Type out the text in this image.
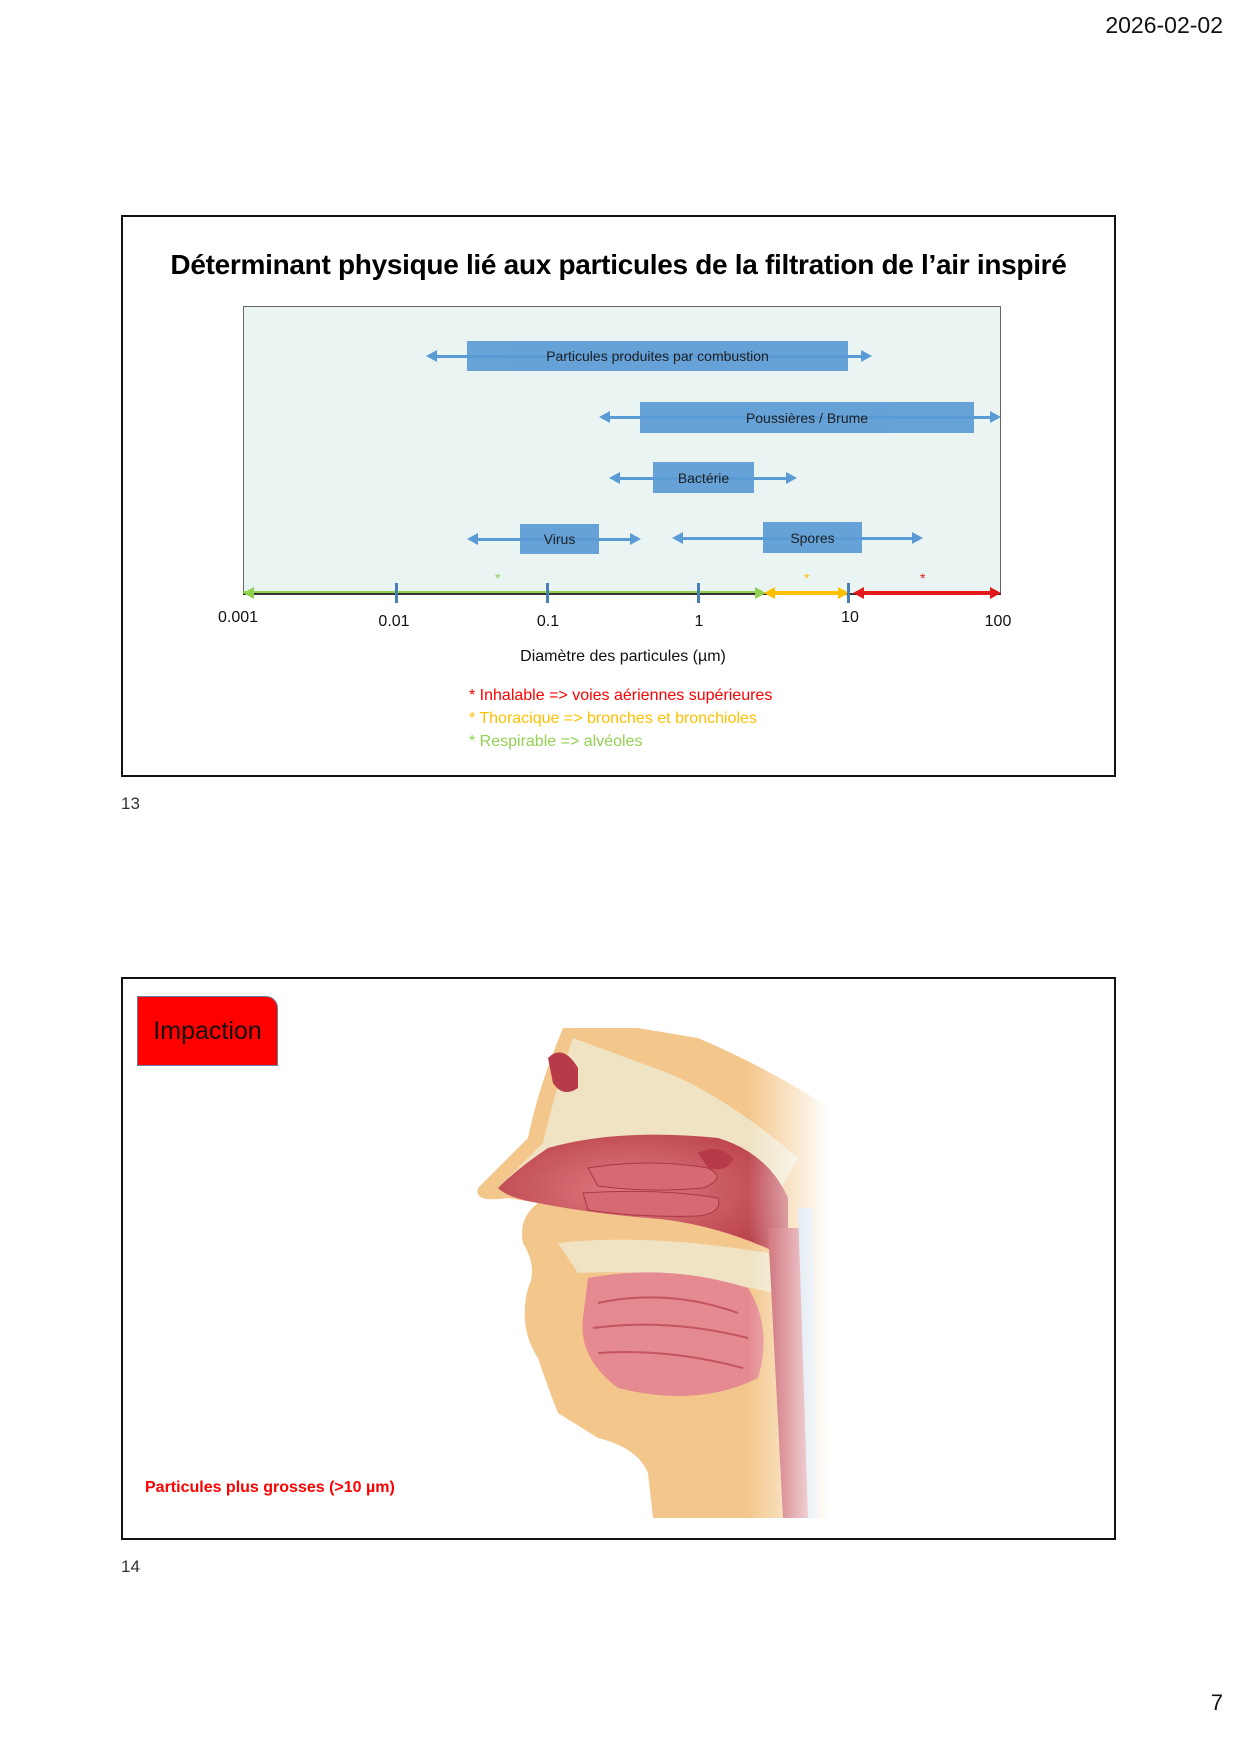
2026-02-02
Déterminant physique lié aux particules de la filtration de l’air inspiré
Particules produites par combustion
Poussières / Brume
Bactérie
Virus	Spores
*	*	*
0.001	0.01	0.1	1	10	100
Diamètre des particules (µm)
* Inhalable => voies aériennes supérieures
* Thoracique => bronches et bronchioles
* Respirable => alvéoles
13
Impaction
Particules plus grosses (>10 µm)
14
7
